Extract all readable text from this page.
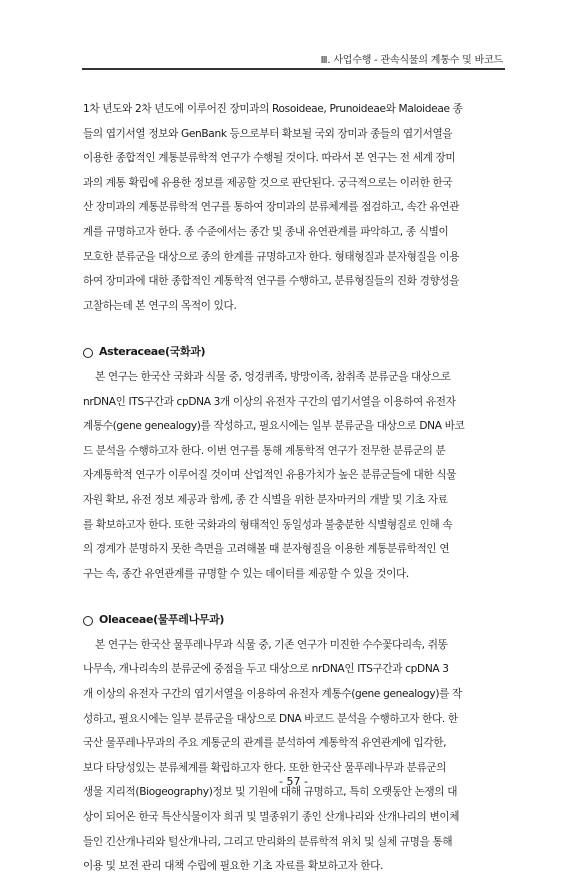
Ⅲ. 사업수행 - 관속식물의 계통수 및 바코드
1차 년도와 2차 년도에 이루어진 장미과의 Rosoideae, Prunoideae와 Maloideae 종
들의 엽기서열 정보와 GenBank 등으로부터 확보될 국외 장미과 종들의 엽기서열을
이용한 종합적인 계통분류학적 연구가 수행될 것이다. 따라서 본 연구는 전 세계 장미
과의 계통 확립에 유용한 정보를 제공할 것으로 판단된다. 궁극적으로는 이러한 한국
산 장미과의 계통분류학적 연구를 통하여 장미과의 분류체계를 점검하고, 속간 유연관
계를 규명하고자 한다. 종 수준에서는 종간 및 종내 유연관계를 파악하고, 종 식별이
모호한 분류군을 대상으로 종의 한계를 규명하고자 한다. 형태형질과 분자형질을 이용
하여 장미과에 대한 종합적인 계통학적 연구를 수행하고, 분류형질들의 진화 경향성을
고찰하는데 본 연구의 목적이 있다.
Asteraceae(국화과)
본 연구는 한국산 국화과 식물 중, 엉겅퀴족, 방망이족, 참취족 분류군을 대상으로
nrDNA인 ITS구간과 cpDNA 3개 이상의 유전자 구간의 엽기서열을 이용하여 유전자
계통수(gene genealogy)를 작성하고, 필요시에는 일부 분류군을 대상으로 DNA 바코
드 분석을 수행하고자 한다. 이번 연구를 통해 계통학적 연구가 전무한 분류군의 분
자계통학적 연구가 이루어질 것이며 산업적인 유용가치가 높은 분류군들에 대한 식물
자원 확보, 유전 정보 제공과 함께, 종 간 식별을 위한 분자마커의 개발 및 기초 자료
를 확보하고자 한다. 또한 국화과의 형태적인 동일성과 불충분한 식별형질로 인해 속
의 경계가 분명하지 못한 측면을 고려해볼 때 분자형질을 이용한 계통분류학적인 연
구는 속, 종간 유연관계를 규명할 수 있는 데이터를 제공할 수 있을 것이다.
Oleaceae(물푸레나무과)
본 연구는 한국산 물푸레나무과 식물 중, 기존 연구가 미진한 수수꽃다리속, 쥐똥
나무속, 개나리속의 분류군에 중점을 두고 대상으로 nrDNA인 ITS구간과 cpDNA 3
개 이상의 유전자 구간의 엽기서열을 이용하여 유전자 계통수(gene genealogy)를 작
성하고, 필요시에는 일부 분류군을 대상으로 DNA 바코드 분석을 수행하고자 한다. 한
국산 물푸레나무과의 주요 계통군의 관계를 분석하여 계통학적 유연관계에 입각한,
보다 타당성있는 분류체계를 확립하고자 한다. 또한 한국산 물푸레나무과 분류군의
생물 지리적(Biogeography)정보 및 기원에 대해 규명하고, 특히 오랫동안 논쟁의 대
상이 되어온 한국 특산식물이자 희귀 및 멸종위기 종인 산개나리와 산개나리의 변이체
들인 긴산개나리와 털산개나리, 그리고 만리화의 분류학적 위치 및 실체 규명을 통해
이용 및 보전 관리 대책 수립에 필요한 기초 자료를 확보하고자 한다.
- 57 -
